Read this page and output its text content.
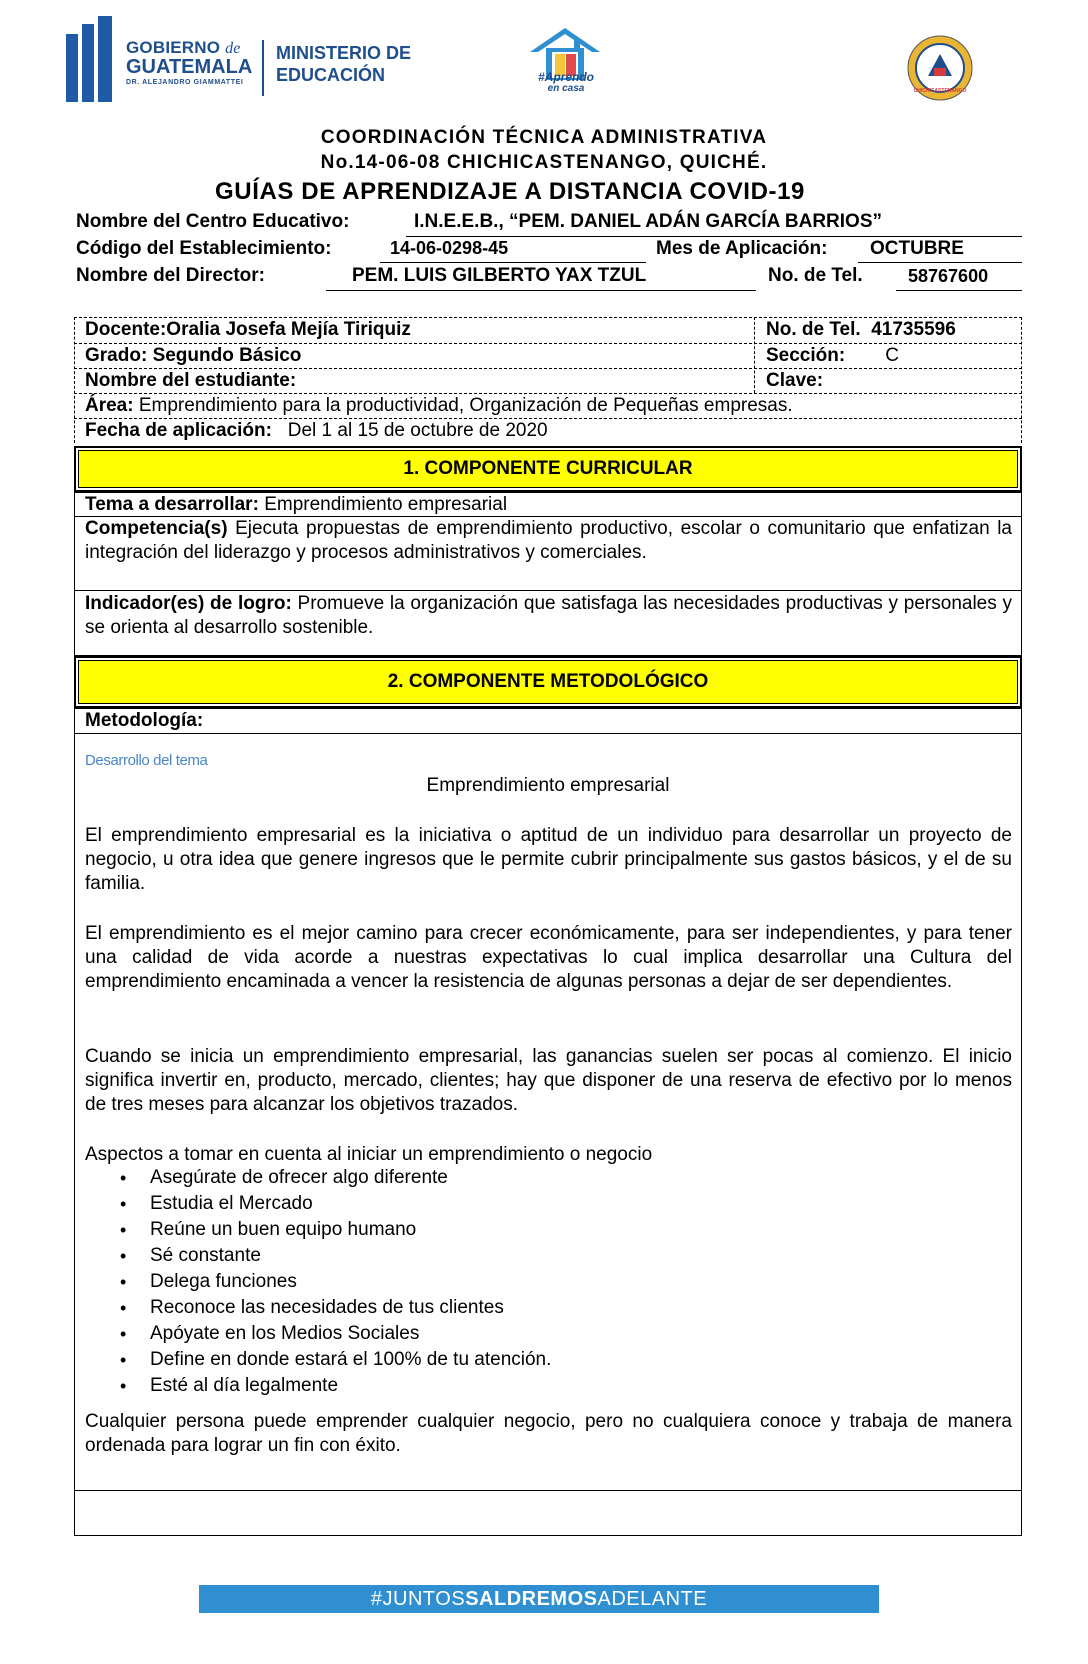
GOBIERNO de
GUATEMALA
DR. ALEJANDRO GIAMMATTEI
MINISTERIO DE
EDUCACIÓN	#Aprendo
en casa	CHICHICASTENANGO
COORDINACIÓN TÉCNICA ADMINISTRATIVA
No.14-06-08 CHICHICASTENANGO, QUICHÉ.
GUÍAS DE APRENDIZAJE A DISTANCIA COVID-19
Nombre del Centro Educativo:	I.N.E.E.B., “PEM. DANIEL ADÁN GARCÍA BARRIOS”
Código del Establecimiento:	14-06-0298-45	Mes de Aplicación: OCTUBRE
Nombre del Director:	PEM. LUIS GILBERTO YAX TZUL	No. de Tel.	58767600
Docente:Oralia Josefa Mejía Tiriquiz	No. de Tel. 41735596
Grado: Segundo Básico	Sección: C
Nombre del estudiante:	Clave:
Área: Emprendimiento para la productividad, Organización de Pequeñas empresas.
Fecha de aplicación: Del 1 al 15 de octubre de 2020
1. COMPONENTE CURRICULAR
Tema a desarrollar: Emprendimiento empresarial
Competencia(s) Ejecuta propuestas de emprendimiento productivo, escolar o comunitario que enfatizan la integración del liderazgo y procesos administrativos y comerciales.
Indicador(es) de logro: Promueve la organización que satisfaga las necesidades productivas y personales y se orienta al desarrollo sostenible.
2. COMPONENTE METODOLÓGICO
Metodología:
Desarrollo del tema
Emprendimiento empresarial
El emprendimiento empresarial es la iniciativa o aptitud de un individuo para desarrollar un proyecto de negocio, u otra idea que genere ingresos que le permite cubrir principalmente sus gastos básicos, y el de su familia.
El emprendimiento es el mejor camino para crecer económicamente, para ser independientes, y para tener una calidad de vida acorde a nuestras expectativas lo cual implica desarrollar una Cultura del emprendimiento encaminada a vencer la resistencia de algunas personas a dejar de ser dependientes.
Cuando se inicia un emprendimiento empresarial, las ganancias suelen ser pocas al comienzo. El inicio significa invertir en, producto, mercado, clientes; hay que disponer de una reserva de efectivo por lo menos de tres meses para alcanzar los objetivos trazados.
Aspectos a tomar en cuenta al iniciar un emprendimiento o negocio
• Asegúrate de ofrecer algo diferente
• Estudia el Mercado
• Reúne un buen equipo humano
• Sé constante
• Delega funciones
• Reconoce las necesidades de tus clientes
• Apóyate en los Medios Sociales
• Define en donde estará el 100% de tu atención.
• Esté al día legalmente
Cualquier persona puede emprender cualquier negocio, pero no cualquiera conoce y trabaja de manera ordenada para lograr un fin con éxito.
#JUNTOSSALDREMOSADELANTE
